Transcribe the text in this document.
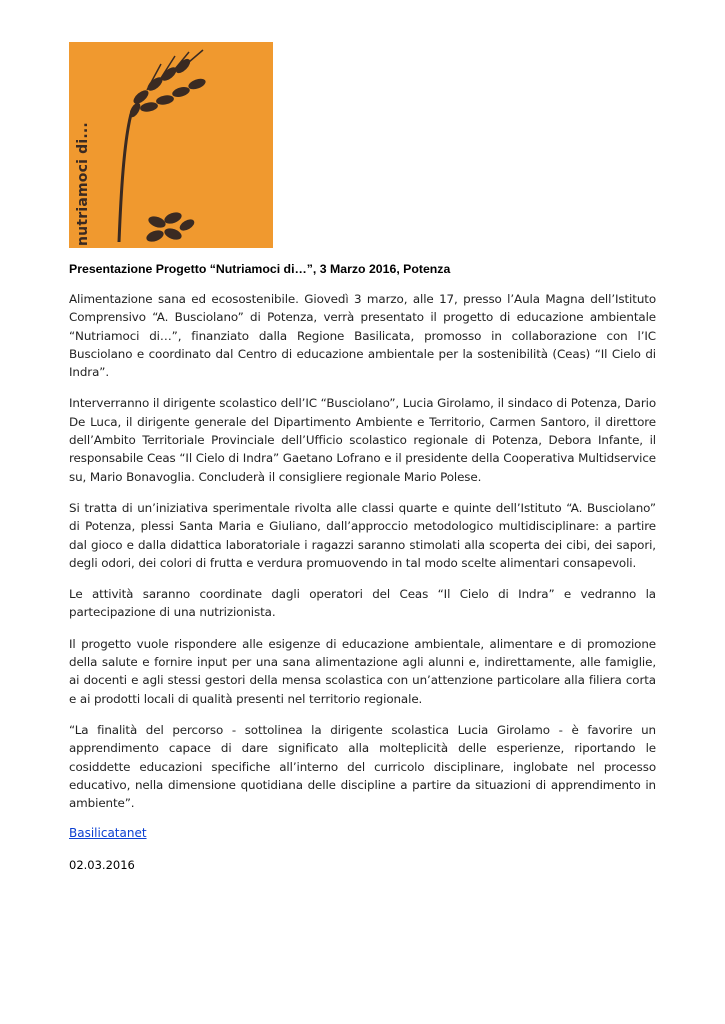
nutriamoci di...
Presentazione Progetto “Nutriamoci di…”, 3 Marzo 2016, Potenza

Alimentazione sana ed ecosostenibile. Giovedì 3 marzo, alle 17, presso l’Aula Magna dell’Istituto Comprensivo “A. Busciolano” di Potenza, verrà presentato il progetto di educazione ambientale “Nutriamoci di…”, finanziato dalla Regione Basilicata, promosso in collaborazione con l’IC Busciolano e coordinato dal Centro di educazione ambientale per la sostenibilità (Ceas) “Il Cielo di Indra”.

Interverranno il dirigente scolastico dell’IC “Busciolano”, Lucia Girolamo, il sindaco di Potenza, Dario De Luca, il dirigente generale del Dipartimento Ambiente e Territorio, Carmen Santoro, il direttore dell’Ambito Territoriale Provinciale dell’Ufficio scolastico regionale di Potenza, Debora Infante, il responsabile Ceas “Il Cielo di Indra” Gaetano Lofrano e il presidente della Cooperativa Multidservice su, Mario Bonavoglia. Concluderà il consigliere regionale Mario Polese.

Si tratta di un’iniziativa sperimentale rivolta alle classi quarte e quinte dell’Istituto “A. Busciolano” di Potenza, plessi Santa Maria e Giuliano, dall’approccio metodologico multidisciplinare: a partire dal gioco e dalla didattica laboratoriale i ragazzi saranno stimolati alla scoperta dei cibi, dei sapori, degli odori, dei colori di frutta e verdura promuovendo in tal modo scelte alimentari consapevoli.

Le attività saranno coordinate dagli operatori del Ceas “Il Cielo di Indra” e vedranno la partecipazione di una nutrizionista.

Il progetto vuole rispondere alle esigenze di educazione ambientale, alimentare e di promozione della salute e fornire input per una sana alimentazione agli alunni e, indirettamente, alle famiglie, ai docenti e agli stessi gestori della mensa scolastica con un’attenzione particolare alla filiera corta e ai prodotti locali di qualità presenti nel territorio regionale.

“La finalità del percorso - sottolinea la dirigente scolastica Lucia Girolamo - è favorire un apprendimento capace di dare significato alla molteplicità delle esperienze, riportando le cosiddette educazioni specifiche all’interno del curricolo disciplinare, inglobate nel processo educativo, nella dimensione quotidiana delle discipline a partire da situazioni di apprendimento in ambiente”.

Basilicatanet
02.03.2016
